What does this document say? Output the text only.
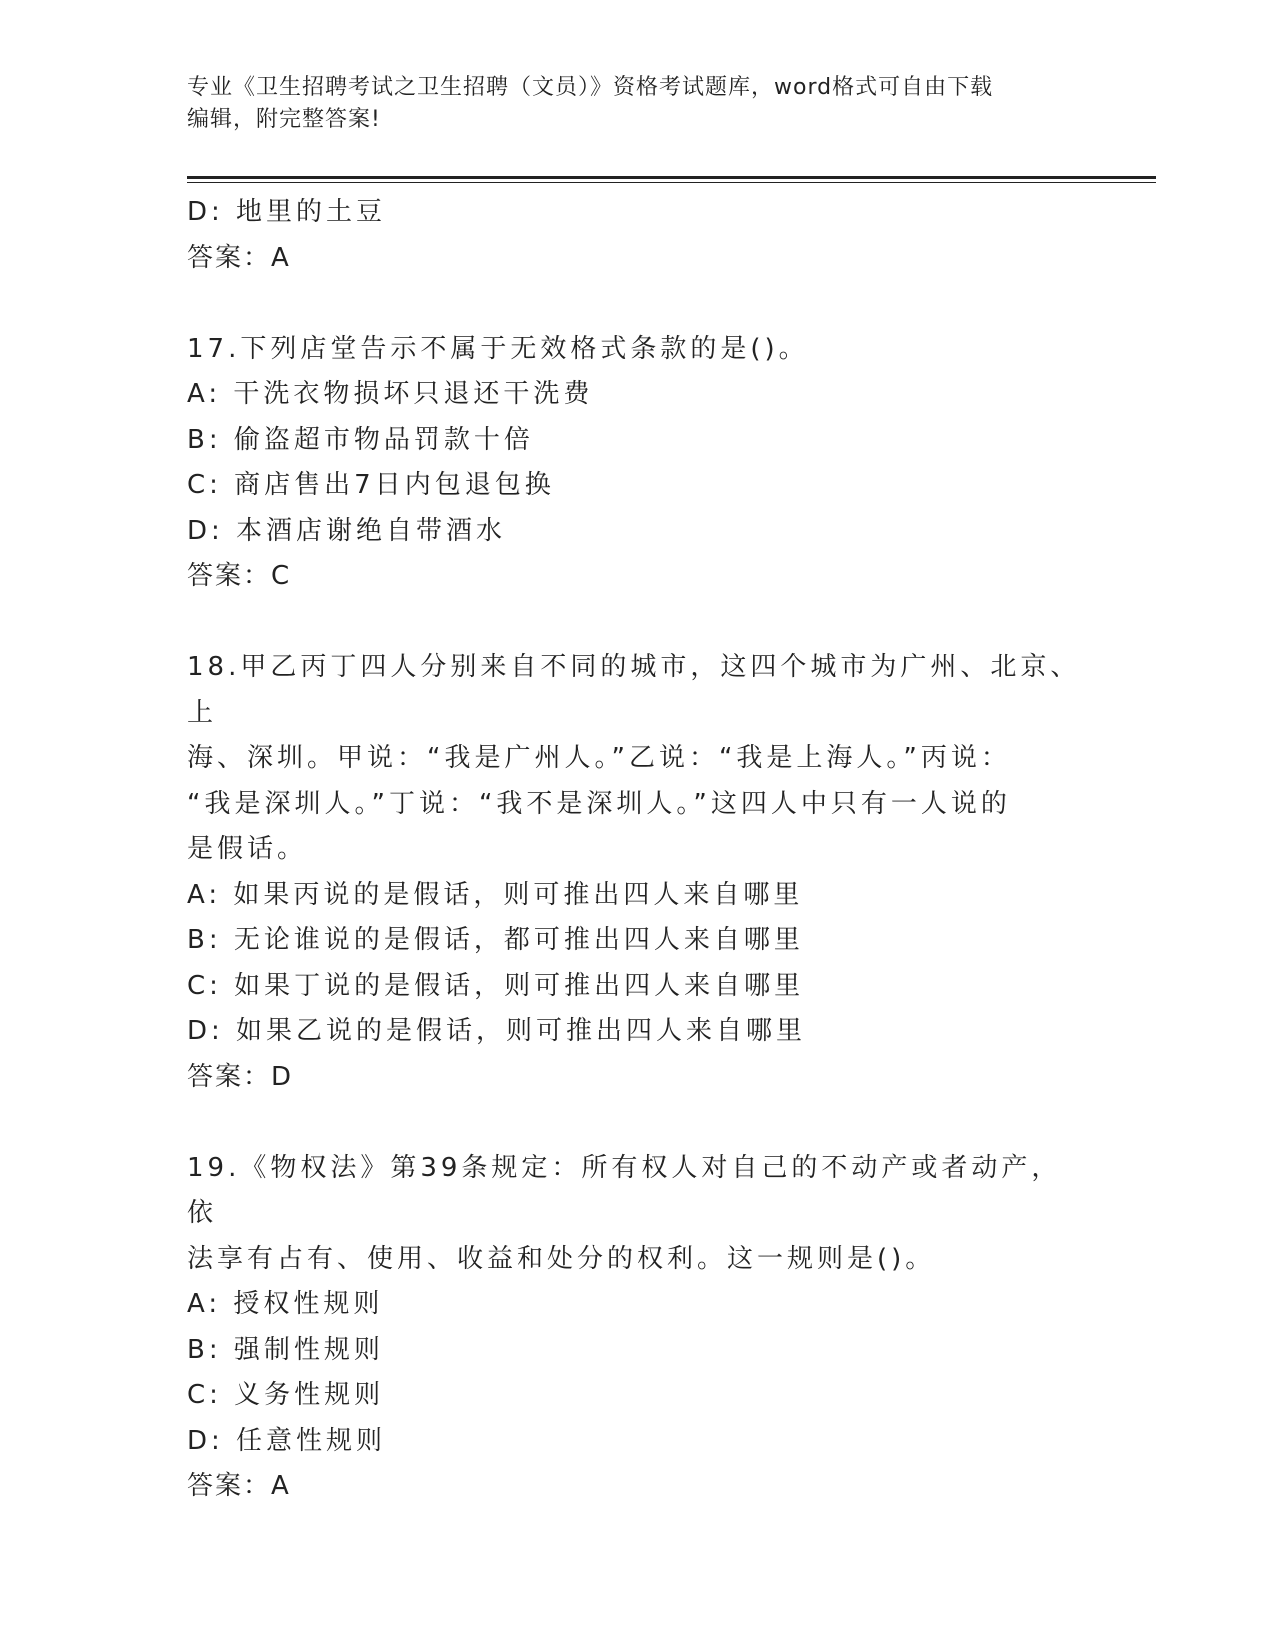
专业《卫生招聘考试之卫生招聘（文员）》资格考试题库，word格式可自由下载
编辑，附完整答案!
D: 地里的土豆
答案：A
17.下列店堂告示不属于无效格式条款的是()。
A: 干洗衣物损坏只退还干洗费
B: 偷盗超市物品罚款十倍
C: 商店售出7日内包退包换
D: 本酒店谢绝自带酒水
答案：C
18.甲乙丙丁四人分别来自不同的城市，这四个城市为广州、北京、上
海、深圳。甲说：“我是广州人。”乙说：“我是上海人。”丙说：
“我是深圳人。”丁说：“我不是深圳人。”这四人中只有一人说的
是假话。
A: 如果丙说的是假话，则可推出四人来自哪里
B: 无论谁说的是假话，都可推出四人来自哪里
C: 如果丁说的是假话，则可推出四人来自哪里
D: 如果乙说的是假话，则可推出四人来自哪里
答案：D
19.《物权法》第39条规定：所有权人对自己的不动产或者动产，依
法享有占有、使用、收益和处分的权利。这一规则是()。
A: 授权性规则
B: 强制性规则
C: 义务性规则
D: 任意性规则
答案：A
